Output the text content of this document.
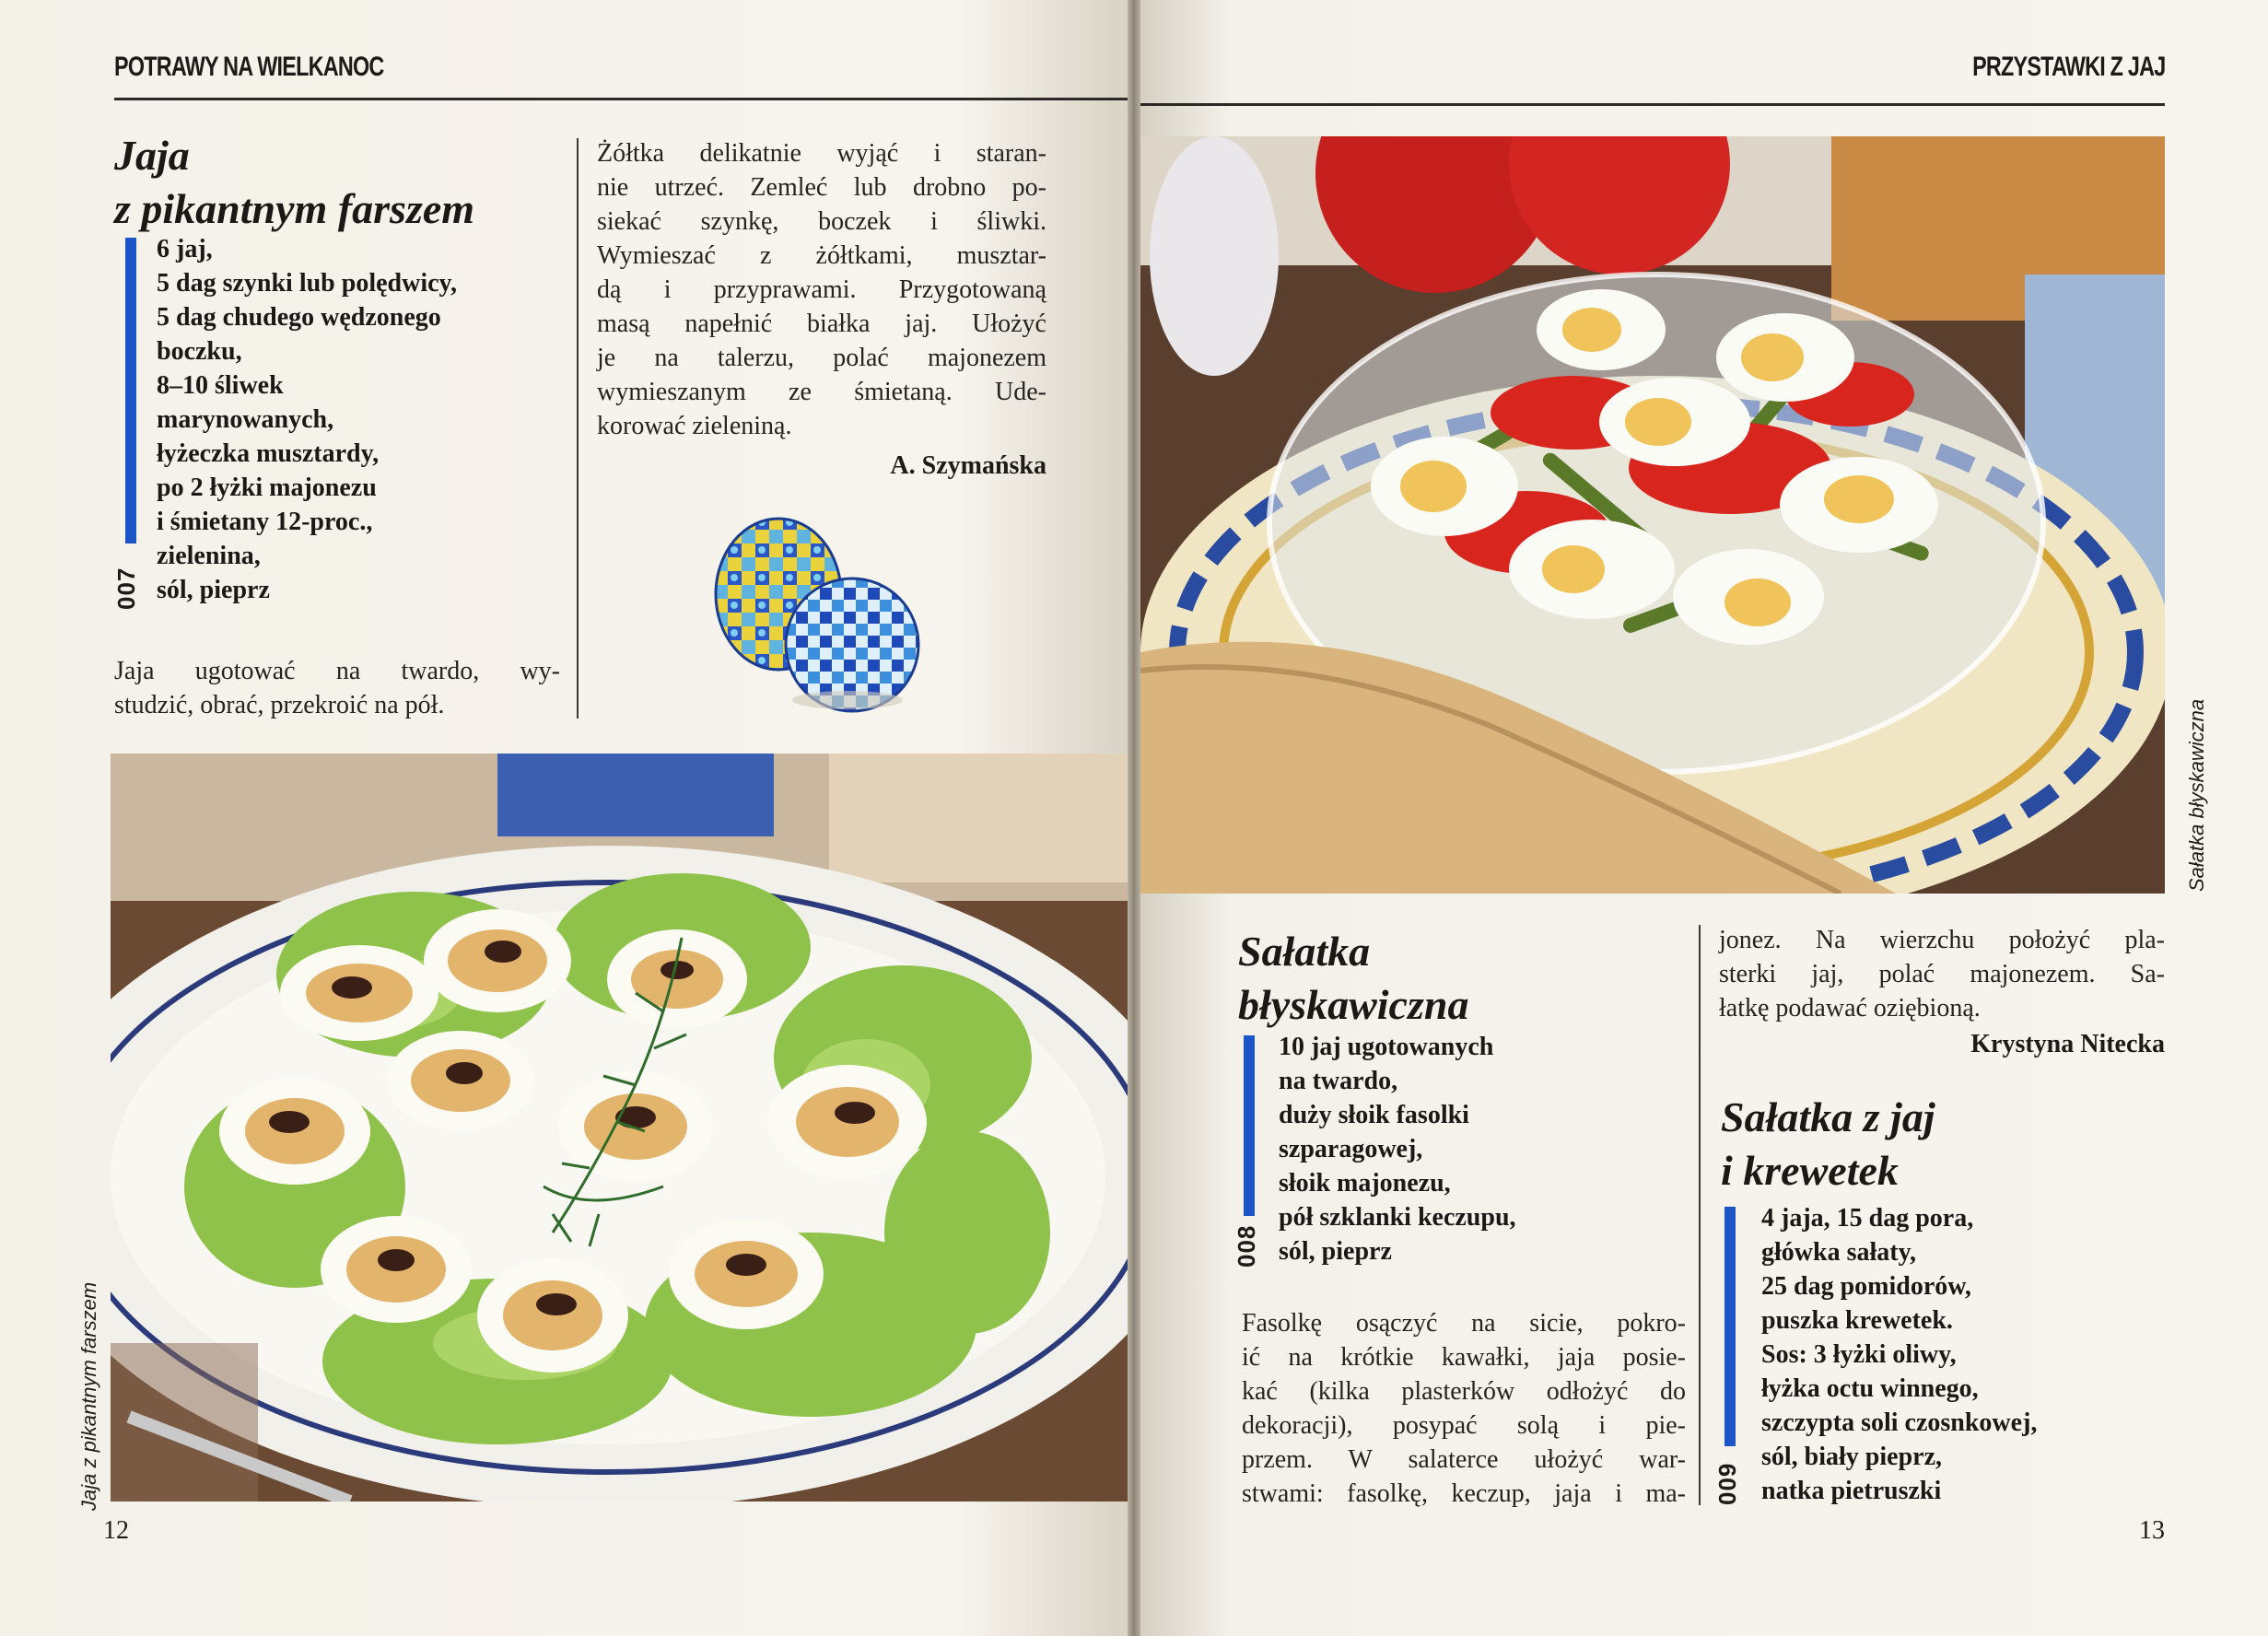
POTRAWY NA WIELKANOC
Jaja
z pikantnym farszem
007
6 jaj,
5 dag szynki lub polędwicy,
5 dag chudego wędzonego
boczku,
8–10 śliwek
marynowanych,
łyżeczka musztardy,
po 2 łyżki majonezu
i śmietany 12-proc.,
zielenina,
sól, pieprz
Jaja ugotować na twardo, wy-
studzić, obrać, przekroić na pół.
Żółtka delikatnie wyjąć i staran-
nie utrzeć. Zemleć lub drobno po-
siekać szynkę, boczek i śliwki.
Wymieszać z żółtkami, musztar-
dą i przyprawami. Przygotowaną
masą napełnić białka jaj. Ułożyć
je na talerzu, polać majonezem
wymieszanym ze śmietaną. Ude-
korować zieleniną.
A. Szymańska
Jaja z pikantnym farszem
12
PRZYSTAWKI Z JAJ
Sałatka błyskawiczna
Sałatka
błyskawiczna
008
10 jaj ugotowanych
na twardo,
duży słoik fasolki
szparagowej,
słoik majonezu,
pół szklanki keczupu,
sól, pieprz
Fasolkę osączyć na sicie, pokro-
ić na krótkie kawałki, jaja posie-
kać (kilka plasterków odłożyć do
dekoracji), posypać solą i pie-
przem. W salaterce ułożyć war-
stwami: fasolkę, keczup, jaja i ma-
jonez. Na wierzchu położyć pla-
sterki jaj, polać majonezem. Sa-
łatkę podawać oziębioną.
Krystyna Nitecka
Sałatka z jaj
i krewetek
009
4 jaja, 15 dag pora,
główka sałaty,
25 dag pomidorów,
puszka krewetek.
Sos: 3 łyżki oliwy,
łyżka octu winnego,
szczypta soli czosnkowej,
sól, biały pieprz,
natka pietruszki
13
